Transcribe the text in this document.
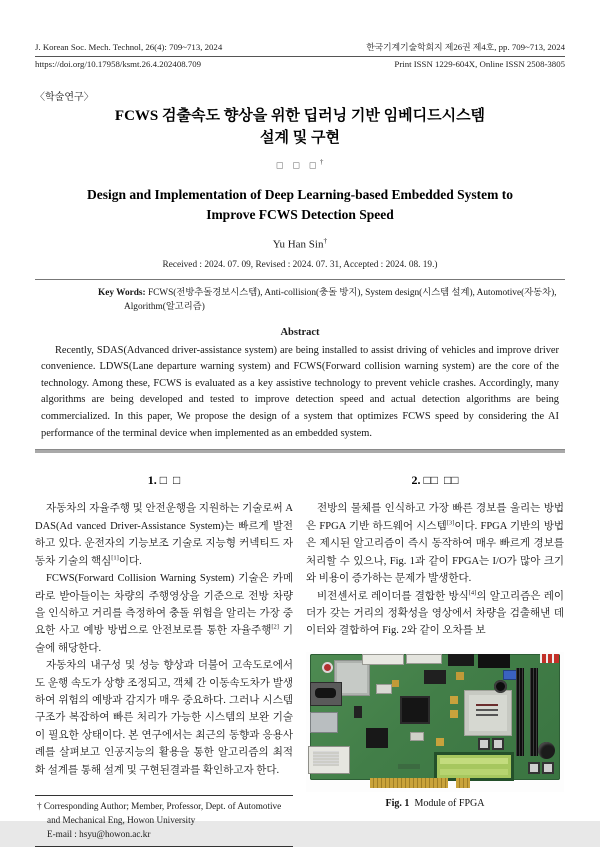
J. Korean Soc. Mech. Technol, 26(4): 709~713, 2024	한국기계기술학회지 제26권 제4호, pp. 709~713, 2024
https://doi.org/10.17958/ksmt.26.4.202408.709	Print ISSN 1229-604X, Online ISSN 2508-3805
〈학술연구〉
FCWS 검출속도 향상을 위한 딥러닝 기반 임베디드시스템
설계 및 구현
□ □ □†
Design and Implementation of Deep Learning-based Embedded System to
Improve FCWS Detection Speed
Yu Han Sin†
Received : 2024. 07. 09, Revised : 2024. 07. 31, Accepted : 2024. 08. 19.)
Key Words: FCWS(전방추돌경보시스템), Anti-collision(충돌 방지), System design(시스템 설계), Automotive(자동차), Algorithm(알고리즘)
Abstract
Recently, SDAS(Advanced driver-assistance system) are being installed to assist driving of vehicles and improve driver convenience. LDWS(Lane departure warning system) and FCWS(Forward collision warning system) are the core of the technology. Among these, FCWS is evaluated as a key assistive technology to prevent vehicle crashes. Accordingly, many algorithms are being developed and tested to improve detection speed and actual detection algorithms are being commercialized. In this paper, We propose the design of a system that optimizes FCWS speed by considering the AI performance of the terminal device when implemented as an embedded system.
1. □  □

자동차의 자율주행 및 안전운행을 지원하는 기술로써 ADAS(Ad vanced Driver-Assistance System)는 빠르게 발전하고 있다. 운전자의 기능보조 기술로 지능형 커넥티드 자동차 기술의 핵심[1]이다.

FCWS(Forward Collision Warning System) 기술은 카메라로 받아들이는 차량의 주행영상을 기준으로 전방 차량을 인식하고 거리를 측정하여 충돌 위험을 알리는 가장 중요한 사고 예방 방법으로 안전보로를 통한 자율주행[2] 기술에 해당한다.

자동차의 내구성 및 성능 향상과 더불어 고속도로에서도 운행 속도가 상향 조정되고, 객체 간 이동속도차가 발생하여 위험의 예방과 감지가 매우 중요하다. 그러나 시스템 구조가 복잡하여 빠른 처리가 가능한 시스템의 보완 기술이 필요한 상태이다. 본 연구에서는 최근의 동향과 응용사례를 살펴보고 인공지능의 활용을 통한 알고리즘의 최적화 설계를 통해 설계 및 구현된결과를 확인하고자 한다.

† Corresponding Author; Member, Professor, Dept. of Automotive and Mechanical Eng, Howon University
E-mail : hsyu@howon.ac.kr
2. □□  □□

전방의 물체를 인식하고 가장 빠른 경보를 울리는 방법은 FPGA 기반 하드웨어 시스템[3]이다. FPGA 기반의 방법은 제시된 알고리즘이 즉시 동작하여 매우 빠르게 경보를 처리할 수 있으나, Fig. 1과 같이 FPGA는 I/O가 많아 크기와 비용이 증가하는 문제가 발생한다.

비전센서로 레이더를 결합한 방식[4]의 알고리즘은 레이더가 갖는 거리의 정확성을 영상에서 차량을 검출해낸 데이터와 결합하여 Fig. 2와 같이 오차를 보

Fig. 1  Module of FPGA
